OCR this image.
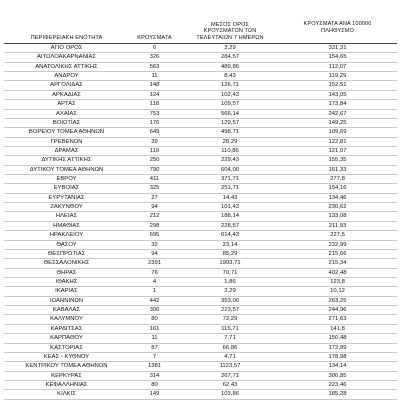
ΠΕΡΙΦΕΡΕΙΑΚΗ ΕΝΟΤΗΤΑ	ΚΡΟΥΣΜΑΤΑ
ΜΕΣΟΣ ΟΡΟΣ
ΚΡΟΥΣΜΑΤΩΝ ΤΩΝ
ΤΕΛΕΥΤΑΙΩΝ 7 ΗΜΕΡΩΝ
ΚΡΟΥΣΜΑΤΑ ΑΝΑ 100000
ΠΛΗΘΥΣΜΟ
ΑΓΙΟ ΟΡΟΣ	6	3,29	331,31
ΑΙΤΩΛΟΑΚΑΡΝΑΝΙΑΣ	326	284,57	154,65
ΑΝΑΤΟΛΙΚΗΣ ΑΤΤΙΚΗΣ	563	489,86	112,07
ΑΝΔΡΟΥ	11	8,43	119,29
ΑΡΓΟΛΙΔΑΣ	148	126,71	152,51
ΑΡΚΑΔΙΑΣ	124	102,43	143,05
ΑΡΤΑΣ	118	109,57	173,84
ΑΧΑΪΑΣ	753	566,14	242,67
ΒΟΙΩΤΙΑΣ	176	129,57	149,25
ΒΟΡΕΙΟΥ ΤΟΜΕΑ ΑΘΗΝΩΝ	649	498,71	109,69
ΓΡΕΒΕΝΩΝ	39	28,29	122,81
ΔΡΑΜΑΣ	119	110,86	121,07
ΔΥΤΙΚΗΣ ΑΤΤΙΚΗΣ	250	229,43	155,35
ΔΥΤΙΚΟΥ ΤΟΜΕΑ ΑΘΗΝΩΝ	790	604,00	161,33
ΕΒΡΟΥ	411	371,71	277,8
ΕΥΒΟΙΑΣ	325	251,71	154,16
ΕΥΡΥΤΑΝΙΑΣ	27	14,43	134,46
ΖΑΚΥΝΘΟΥ	94	101,43	230,62
ΗΛΕΙΑΣ	212	188,14	133,08
ΗΜΑΘΙΑΣ	298	228,57	211,93
ΗΡΑΚΛΕΙΟΥ	695	614,43	227,5
ΘΑΣΟΥ	32	23,14	232,99
ΘΕΣΠΡΩΤΙΑΣ	94	85,29	215,66
ΘΕΣΣΑΛΟΝΙΚΗΣ	2391	1993,71	215,34
ΘΗΡΑΣ	76	70,71	402,48
ΙΘΑΚΗΣ	4	1,86	123,8
ΙΚΑΡΙΑΣ	1	3,29	10,12
ΙΩΑΝΝΙΝΩΝ	442	353,00	263,25
ΚΑΒΑΛΑΣ	306	223,57	244,96
ΚΑΛΥΜΝΟΥ	80	72,29	271,63
ΚΑΡΔΙΤΣΑΣ	161	115,71	141,8
ΚΑΡΠΑΘΟΥ	11	7,71	150,48
ΚΑΣΤΟΡΙΑΣ	87	66,86	172,89
ΚΕΑΣ - ΚΥΘΝΟΥ	7	4,71	178,98
ΚΕΝΤΡΙΚΟΥ ΤΟΜΕΑ ΑΘΗΝΩΝ	1381	1123,57	134,14
ΚΕΡΚΥΡΑΣ	314	267,71	300,85
ΚΕΦΑΛΛΗΝΙΑΣ	80	62,43	223,46
ΚΙΛΚΙΣ	149	103,86	185,28
